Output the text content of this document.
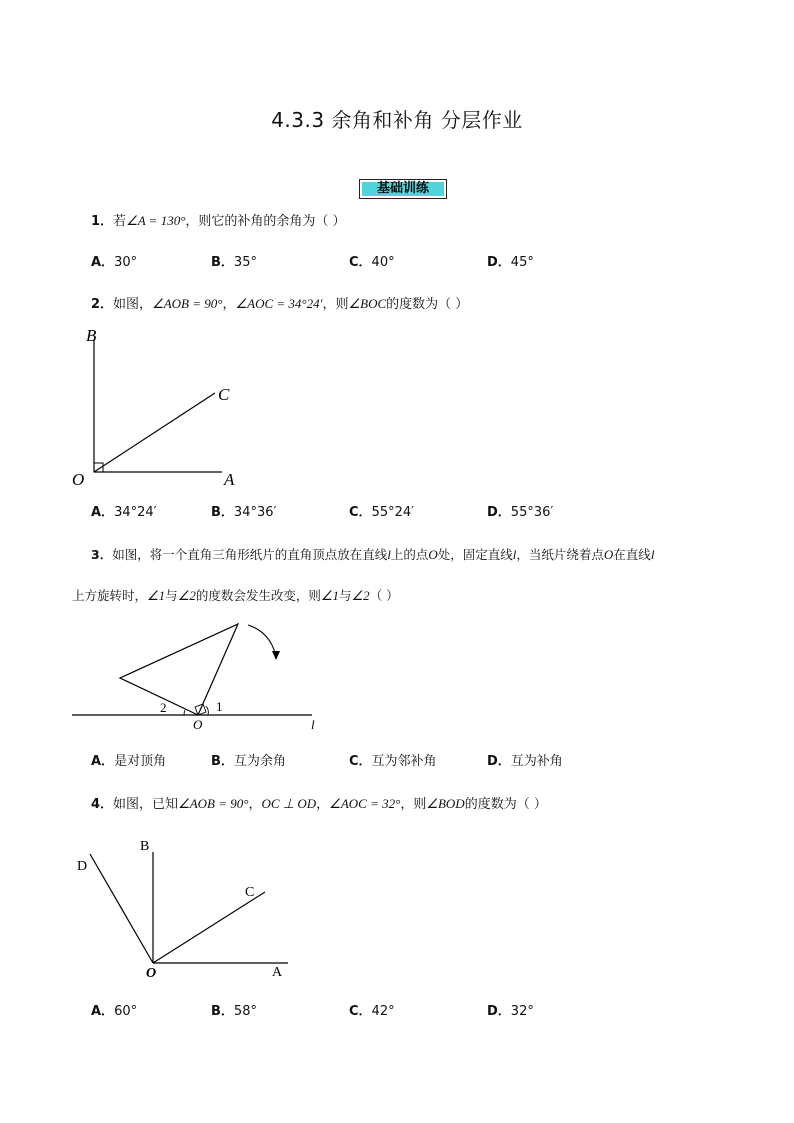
4.3.3 余角和补角 分层作业
基础训练
1．若∠A = 130°，则它的补角的余角为（ ）
A．30°	B．35°	C．40°	D．45°
2．如图，∠AOB = 90°，∠AOC = 34°24′，则∠BOC的度数为（ ）
B
C
O	A
A．34°24′	B．34°36′	C．55°24′	D．55°36′
3．如图，将一个直角三角形纸片的直角顶点放在直线l上的点O处，固定直线l，当纸片绕着点O在直线l
上方旋转时，∠1与∠2的度数会发生改变，则∠1与∠2（ ）
2	1
O	l
A．是对顶角	B．互为余角	C．互为邻补角	D．互为补角
4．如图，已知∠AOB = 90°，OC ⊥ OD，∠AOC = 32°，则∠BOD的度数为（ ）
B
D
C
O	A
A．60°	B．58°	C．42°	D．32°
